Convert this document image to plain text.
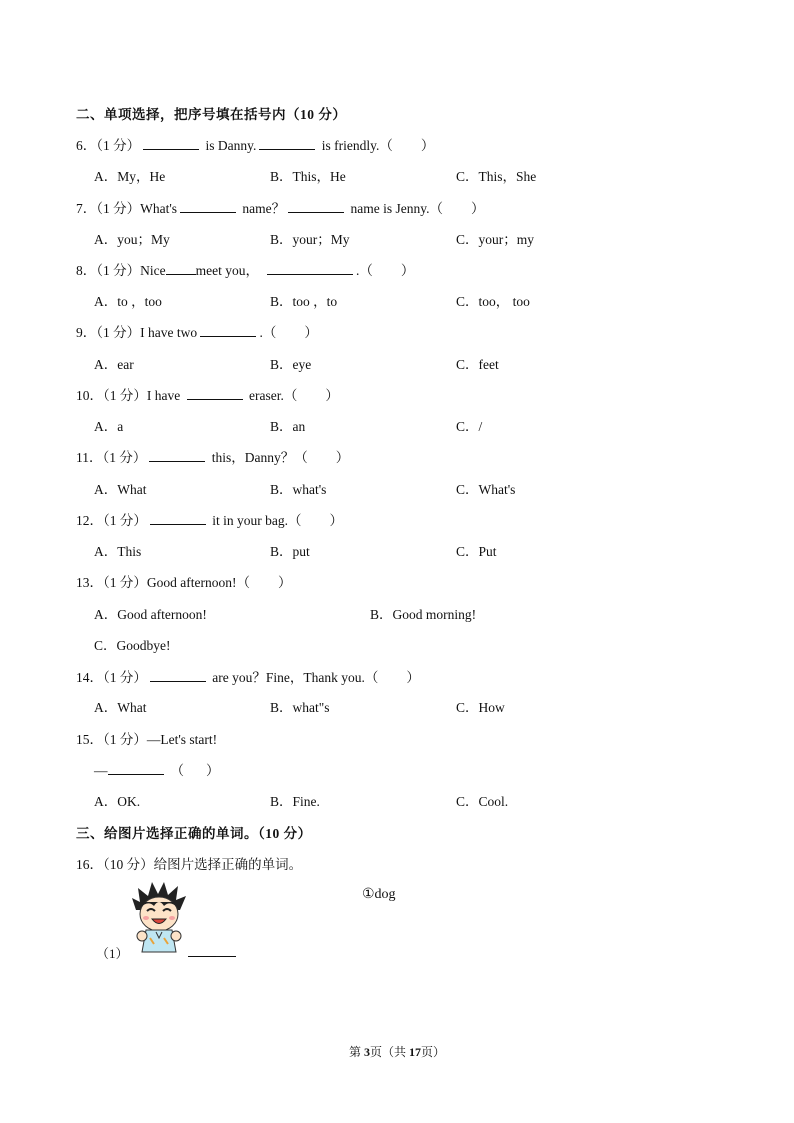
二、单项选择，把序号填在括号内（10 分）
6．（1 分）	is Danny.	is friendly.（ ）
A．My，He	B．This，He	C．This，She
7．（1 分）What's	name？	name is Jenny.（ ）
A．you；My	B．your；My	C．your；my
8．（1 分）Nice meet you，	.（ ）
A．to ，too	B．too ，to	C．too， too
9．（1 分）I have two	.（ ）
A．ear	B．eye	C．feet
10．（1 分）I have	eraser.（ ）
A．a	B．an	C．/
11．（1 分）	this，Danny？（ ）
A．What	B．what's	C．What's
12．（1 分）	it in your bag.（ ）
A．This	B．put	C．Put
13．（1 分）Good afternoon!（ ）
A．Good afternoon!	B．Good morning!
C．Goodbye!
14．（1 分）	are you？Fine，Thank you.（ ）
A．What	B．what"s	C．How
15．（1 分）—Let's start!
—	（ ）
A．OK.	B．Fine.	C．Cool.
三、给图片选择正确的单词。（10 分）
16．（10 分）给图片选择正确的单词。
①dog
（1）
第 3页（共 17页）
